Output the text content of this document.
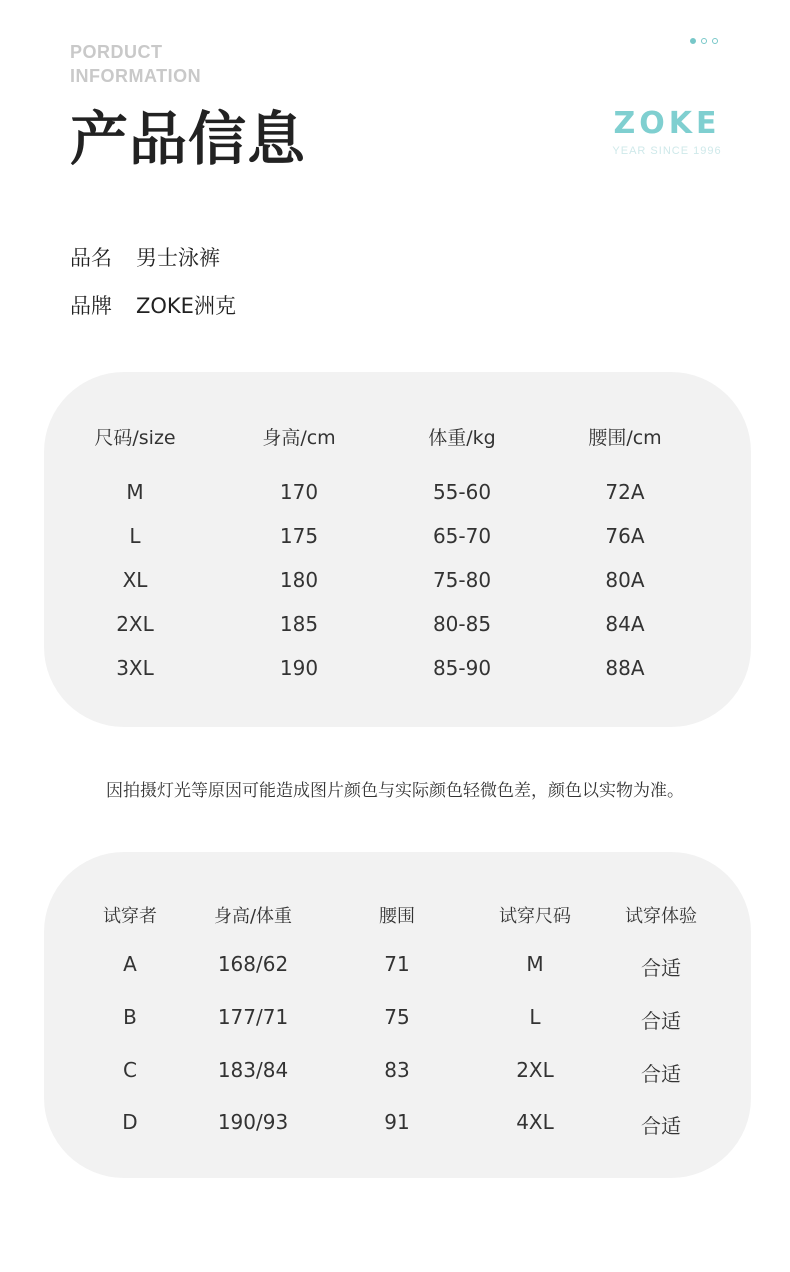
PORDUCT
INFORMATION
产品信息	ZOKE
YEAR SINCE 1996
品名 男士泳裤
品牌 ZOKE洲克
尺码/size	身高/cm	体重/kg	腰围/cm
M	170	55-60	72A
L	175	65-70	76A
XL	180	75-80	80A
2XL	185	80-85	84A
3XL	190	85-90	88A
因拍摄灯光等原因可能造成图片颜色与实际颜色轻微色差，颜色以实物为准。
试穿者	身高/体重	腰围	试穿尺码	试穿体验
A	168/62	71	M	合适
B	177/71	75	L	合适
C	183/84	83	2XL	合适
D	190/93	91	4XL	合适
